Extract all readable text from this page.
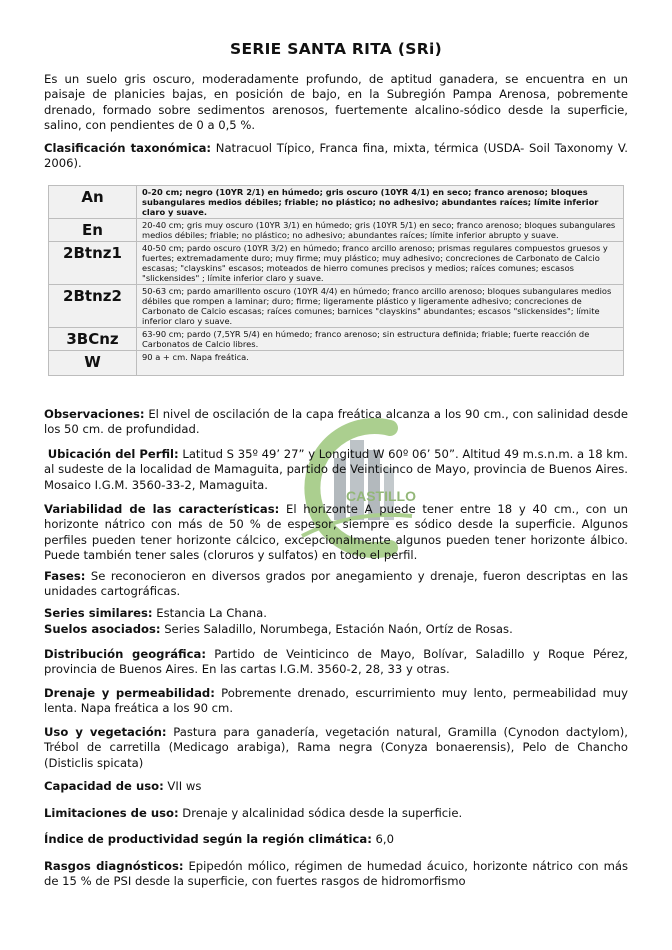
SERIE SANTA RITA (SRi)
Es un suelo gris oscuro, moderadamente profundo, de aptitud ganadera, se encuentra en un paisaje de planicies bajas, en posición de bajo, en la Subregión Pampa Arenosa, pobremente drenado, formado sobre sedimentos arenosos, fuertemente alcalino-sódico desde la superficie, salino, con pendientes de 0 a 0,5 %.
Clasificación taxonómica: Natracuol Típico, Franca fina, mixta, térmica (USDA- Soil Taxonomy V. 2006).
An	0-20 cm; negro (10YR 2/1) en húmedo; gris oscuro (10YR 4/1) en seco; franco arenoso; bloques subangulares medios débiles; friable; no plástico; no adhesivo; abundantes raíces; límite inferior claro y suave.
En	20-40 cm; gris muy oscuro (10YR 3/1) en húmedo; gris (10YR 5/1) en seco; franco arenoso; bloques subangulares medios débiles; friable; no plástico; no adhesivo; abundantes raíces; límite inferior abrupto y suave.
2Btnz1	40-50 cm; pardo oscuro (10YR 3/2) en húmedo; franco arcillo arenoso; prismas regulares compuestos gruesos y fuertes; extremadamente duro; muy firme; muy plástico; muy adhesivo; concreciones de Carbonato de Calcio escasas; "clayskins" escasos; moteados de hierro comunes precisos y medios; raíces comunes; escasos "slickensides" ; límite inferior claro y suave.
2Btnz2	50-63 cm; pardo amarillento oscuro (10YR 4/4) en húmedo; franco arcillo arenoso; bloques subangulares medios débiles que rompen a laminar; duro; firme; ligeramente plástico y ligeramente adhesivo; concreciones de Carbonato de Calcio escasas; raíces comunes; barnices "clayskins" abundantes; escasos "slickensides"; límite inferior claro y suave.
3BCnz	63-90 cm; pardo (7,5YR 5/4) en húmedo; franco arenoso; sin estructura definida; friable; fuerte reacción de Carbonatos de Calcio libres.
W	90 a + cm. Napa freática.
CASTILLO
Observaciones: El nivel de oscilación de la capa freática alcanza a los 90 cm., con salinidad desde los 50 cm. de profundidad.
Ubicación del Perfil: Latitud S 35º 49’ 27” y Longitud W 60º 06’ 50”. Altitud 49 m.s.n.m. a 18 km. al sudeste de la localidad de Mamaguita, partido de Veinticinco de Mayo, provincia de Buenos Aires. Mosaico I.G.M. 3560-33-2, Mamaguita.
Variabilidad de las características: El horizonte A puede tener entre 18 y 40 cm., con un horizonte nátrico con más de 50 % de espesor, siempre es sódico desde la superficie. Algunos perfiles pueden tener horizonte cálcico, excepcionalmente algunos pueden tener horizonte álbico. Puede también tener sales (cloruros y sulfatos) en todo el perfil.
Fases: Se reconocieron en diversos grados por anegamiento y drenaje, fueron descriptas en las unidades cartográficas.
Series similares: Estancia La Chana.
Suelos asociados: Series Saladillo, Norumbega, Estación Naón, Ortíz de Rosas.
Distribución geográfica: Partido de Veinticinco de Mayo, Bolívar, Saladillo y Roque Pérez, provincia de Buenos Aires. En las cartas I.G.M. 3560-2, 28, 33 y otras.
Drenaje y permeabilidad: Pobremente drenado, escurrimiento muy lento, permeabilidad muy lenta. Napa freática a los 90 cm.
Uso y vegetación: Pastura para ganadería, vegetación natural, Gramilla (Cynodon dactylom), Trébol de carretilla (Medicago arabiga), Rama negra (Conyza bonaerensis), Pelo de Chancho (Disticlis spicata)
Capacidad de uso: VII ws
Limitaciones de uso: Drenaje y alcalinidad sódica desde la superficie.
Índice de productividad según la región climática: 6,0
Rasgos diagnósticos: Epipedón mólico, régimen de humedad ácuico, horizonte nátrico con más de 15 % de PSI desde la superficie, con fuertes rasgos de hidromorfismo
